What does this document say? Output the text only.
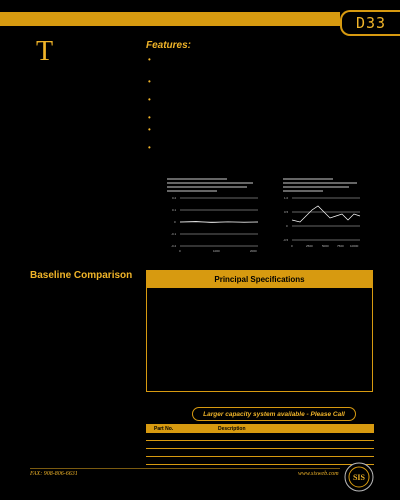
D33
T	Features:
•
•
•
•
•
•
0.2
0.1
0
-0.1
-0.2
0	1000	2000
1.0
0.5
0
-0.5
0	2500	5000	7500 10000
Baseline Comparison	Principal Specifications
Larger capacity system available - Please Call
Part No.	Description
FAX: 908-806-6631	www.sisweb.com SIS
